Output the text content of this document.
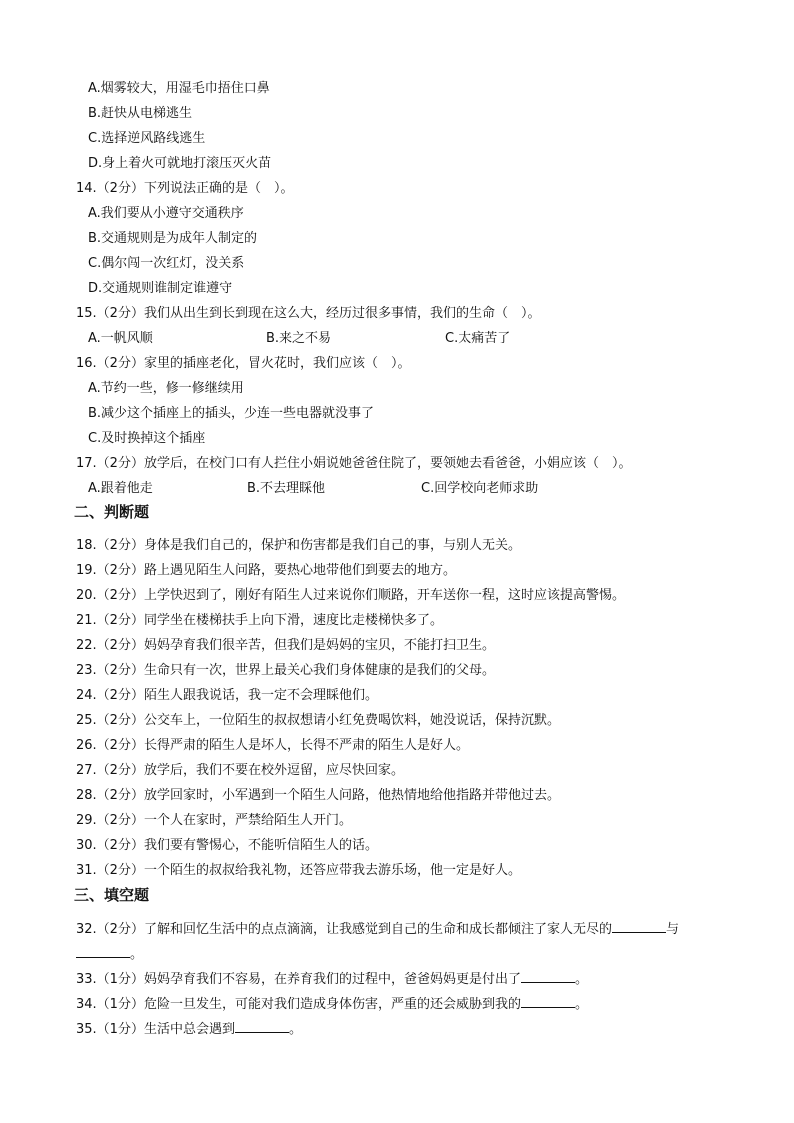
A.烟雾较大，用湿毛巾捂住口鼻
B.赶快从电梯逃生
C.选择逆风路线逃生
D.身上着火可就地打滚压灭火苗
14.（2分）下列说法正确的是（　）。
A.我们要从小遵守交通秩序
B.交通规则是为成年人制定的
C.偶尔闯一次红灯，没关系
D.交通规则谁制定谁遵守
15.（2分）我们从出生到长到现在这么大，经历过很多事情，我们的生命（　）。
A.一帆风顺	B.来之不易	C.太痛苦了
16.（2分）家里的插座老化，冒火花时，我们应该（　）。
A.节约一些，修一修继续用
B.减少这个插座上的插头，少连一些电器就没事了
C.及时换掉这个插座
17.（2分）放学后，在校门口有人拦住小娟说她爸爸住院了，要领她去看爸爸，小娟应该（　）。
A.跟着他走	B.不去理睬他	C.回学校向老师求助
二、判断题
18.（2分）身体是我们自己的，保护和伤害都是我们自己的事，与别人无关。
19.（2分）路上遇见陌生人问路，要热心地带他们到要去的地方。
20.（2分）上学快迟到了，刚好有陌生人过来说你们顺路，开车送你一程，这时应该提高警惕。
21.（2分）同学坐在楼梯扶手上向下滑，速度比走楼梯快多了。
22.（2分）妈妈孕育我们很辛苦，但我们是妈妈的宝贝，不能打扫卫生。
23.（2分）生命只有一次，世界上最关心我们身体健康的是我们的父母。
24.（2分）陌生人跟我说话，我一定不会理睬他们。
25.（2分）公交车上，一位陌生的叔叔想请小红免费喝饮料，她没说话，保持沉默。
26.（2分）长得严肃的陌生人是坏人，长得不严肃的陌生人是好人。
27.（2分）放学后，我们不要在校外逗留，应尽快回家。
28.（2分）放学回家时，小军遇到一个陌生人问路，他热情地给他指路并带他过去。
29.（2分）一个人在家时，严禁给陌生人开门。
30.（2分）我们要有警惕心，不能听信陌生人的话。
31.（2分）一个陌生的叔叔给我礼物，还答应带我去游乐场，他一定是好人。
三、填空题
32.（2分）了解和回忆生活中的点点滴滴，让我感觉到自己的生命和成长都倾注了家人无尽的	与
。
33.（1分）妈妈孕育我们不容易，在养育我们的过程中，爸爸妈妈更是付出了	。
34.（1分）危险一旦发生，可能对我们造成身体伤害，严重的还会威胁到我的	。
35.（1分）生活中总会遇到	。
